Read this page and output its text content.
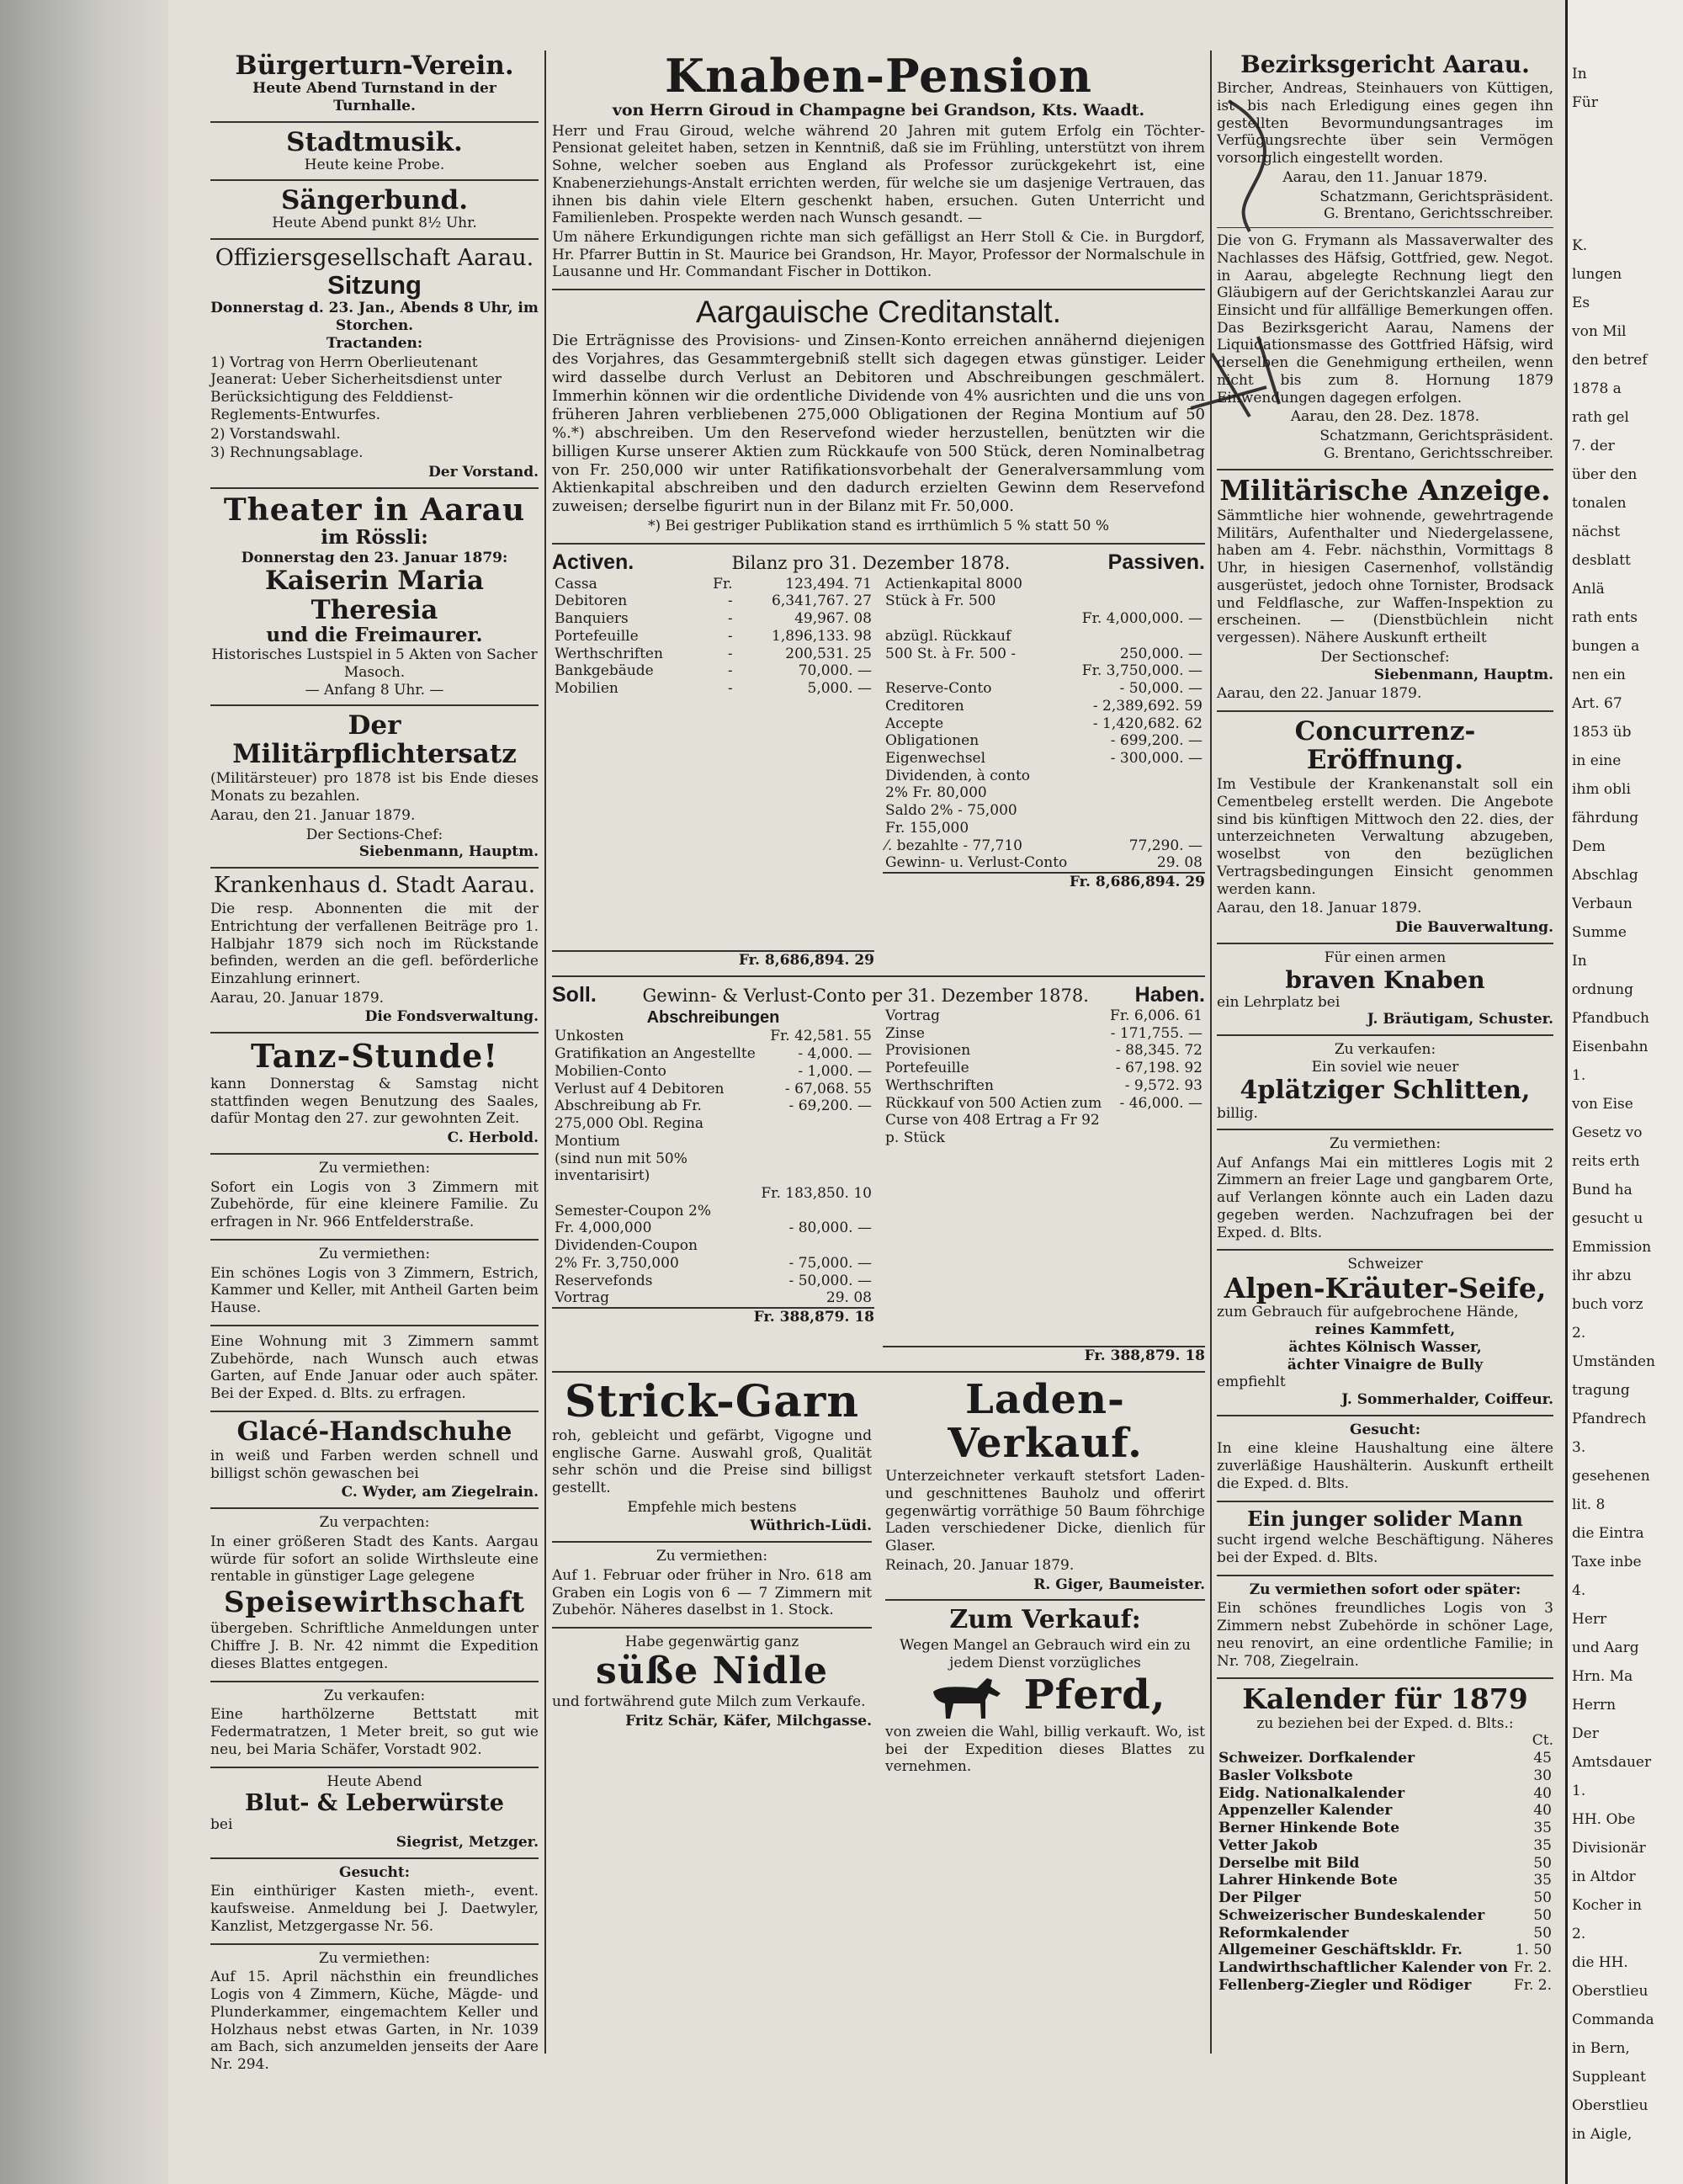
Bürgerturn-Verein.
Heute Abend Turnstand in der Turnhalle.
Stadtmusik.
Heute keine Probe.
Sängerbund.
Heute Abend punkt 8½ Uhr.
Offiziersgesellschaft Aarau.
Sitzung
Donnerstag d. 23. Jan., Abends 8 Uhr, im Storchen.
Tractanden:

1) Vortrag von Herrn Oberlieutenant Jeanerat: Ueber Sicherheitsdienst unter Berücksichtigung des Felddienst-Reglements-Entwurfes.

2) Vorstandswahl.

3) Rechnungsablage.

Der Vorstand.
Theater in Aarau
im Rössli:
Donnerstag den 23. Januar 1879:
Kaiserin Maria Theresia
und die Freimaurer.
Historisches Lustspiel in 5 Akten von Sacher Masoch.
— Anfang 8 Uhr. —
Der Militärpflichtersatz

(Militärsteuer) pro 1878 ist bis Ende dieses Monats zu bezahlen.

Aarau, den 21. Januar 1879.

Der Sections-Chef:
Siebenmann, Hauptm.
Krankenhaus d. Stadt Aarau.

Die resp. Abonnenten die mit der Entrichtung der verfallenen Beiträge pro 1. Halbjahr 1879 sich noch im Rückstande befinden, werden an die gefl. beförderliche Einzahlung erinnert.

Aarau, 20. Januar 1879.

Die Fondsverwaltung.
Tanz-Stunde!

kann Donnerstag & Samstag nicht stattfinden wegen Benutzung des Saales, dafür Montag den 27. zur gewohnten Zeit.

C. Herbold.
Zu vermiethen:

Sofort ein Logis von 3 Zimmern mit Zubehörde, für eine kleinere Familie. Zu erfragen in Nr. 966 Entfelderstraße.

Zu vermiethen:

Ein schönes Logis von 3 Zimmern, Estrich, Kammer und Keller, mit Antheil Garten beim Hause.

Eine Wohnung mit 3 Zimmern sammt Zubehörde, nach Wunsch auch etwas Garten, auf Ende Januar oder auch später. Bei der Exped. d. Blts. zu erfragen.

Glacé-Handschuhe

in weiß und Farben werden schnell und billigst schön gewaschen bei

C. Wyder, am Ziegelrain.
Zu verpachten:

In einer größeren Stadt des Kants. Aargau würde für sofort an solide Wirthsleute eine rentable in günstiger Lage gelegene

Speisewirthschaft

übergeben. Schriftliche Anmeldungen unter Chiffre J. B. Nr. 42 nimmt die Expedition dieses Blattes entgegen.

Zu verkaufen:

Eine harthölzerne Bettstatt mit Federmatratzen, 1 Meter breit, so gut wie neu, bei Maria Schäfer, Vorstadt 902.

Heute Abend
Blut- & Leberwürste
bei
Siegrist, Metzger.
Gesucht:

Ein einthüriger Kasten mieth-, event. kaufsweise. Anmeldung bei J. Daetwyler, Kanzlist, Metzgergasse Nr. 56.

Zu vermiethen:

Auf 15. April nächsthin ein freundliches Logis von 4 Zimmern, Küche, Mägde- und Plunderkammer, eingemachtem Keller und Holzhaus nebst etwas Garten, in Nr. 1039 am Bach, sich anzumelden jenseits der Aare Nr. 294.

Knaben-Pension
von Herrn Giroud in Champagne bei Grandson, Kts. Waadt.

Herr und Frau Giroud, welche während 20 Jahren mit gutem Erfolg ein Töchter-Pensionat geleitet haben, setzen in Kenntniß, daß sie im Frühling, unterstützt von ihrem Sohne, welcher soeben aus England als Professor zurückgekehrt ist, eine Knabenerziehungs-Anstalt errichten werden, für welche sie um dasjenige Vertrauen, das ihnen bis dahin viele Eltern geschenkt haben, ersuchen. Guten Unterricht und Familienleben. Prospekte werden nach Wunsch gesandt. —

Um nähere Erkundigungen richte man sich gefälligst an Herr Stoll & Cie. in Burgdorf, Hr. Pfarrer Buttin in St. Maurice bei Grandson, Hr. Mayor, Professor der Normalschule in Lausanne und Hr. Commandant Fischer in Dottikon.

Aargauische Creditanstalt.

Die Erträgnisse des Provisions- und Zinsen-Konto erreichen annähernd diejenigen des Vorjahres, das Gesammtergebniß stellt sich dagegen etwas günstiger. Leider wird dasselbe durch Verlust an Debitoren und Abschreibungen geschmälert. Immerhin können wir die ordentliche Dividende von 4% ausrichten und die uns von früheren Jahren verbliebenen 275,000 Obligationen der Regina Montium auf 50 %.*) abschreiben. Um den Reservefond wieder herzustellen, benützten wir die billigen Kurse unserer Aktien zum Rückkaufe von 500 Stück, deren Nominalbetrag von Fr. 250,000 wir unter Ratifikationsvorbehalt der Generalversammlung vom Aktienkapital abschreiben und den dadurch erzielten Gewinn dem Reservefond zuweisen; derselbe figurirt nun in der Bilanz mit Fr. 50,000.

*) Bei gestriger Publikation stand es irrthümlich 5 % statt 50 %

Activen.	Bilanz pro 31. Dezember 1878.	Passiven.
Cassa	Fr.	123,494. 71
Debitoren	-	6,341,767. 27
Banquiers	-	49,967. 08
Portefeuille	-	1,896,133. 98
Werthschriften	-	200,531. 25
Bankgebäude	-	70,000. —
Mobilien	-	5,000. —
Fr. 8,686,894. 29
Actienkapital 8000	
Stück à Fr. 500	
	Fr. 4,000,000. —
abzügl. Rückkauf	
500 St. à Fr. 500 -	250,000. —
	Fr. 3,750,000. —
Reserve-Conto	- 50,000. —
Creditoren	- 2,389,692. 59
Accepte	- 1,420,682. 62
Obligationen	- 699,200. —
Eigenwechsel	- 300,000. —
Dividenden, à conto	
2% Fr. 80,000	
Saldo 2% - 75,000	
Fr. 155,000	
⁄. bezahlte - 77,710	77,290. —
Gewinn- u. Verlust-Conto	29. 08
Fr. 8,686,894. 29
Soll.	Gewinn- & Verlust-Conto per 31. Dezember 1878. Haben.
Abschreibungen
Unkosten	Fr. 42,581. 55
Gratifikation an Angestellte	- 4,000. —
Mobilien-Conto	- 1,000. —
Verlust auf 4 Debitoren	- 67,068. 55
Abschreibung ab Fr. 275,000 Obl. Regina Montium	- 69,200. —
(sind nun mit 50% inventarisirt)	
	Fr. 183,850. 10
Semester-Coupon 2%	
Fr. 4,000,000	- 80,000. —
Dividenden-Coupon	
2% Fr. 3,750,000	- 75,000. —
Reservefonds	- 50,000. —
Vortrag	29. 08
Fr. 388,879. 18
Vortrag	Fr. 6,006. 61
Zinse	- 171,755. —
Provisionen	- 88,345. 72
Portefeuille	- 67,198. 92
Werthschriften	- 9,572. 93
Rückkauf von 500 Actien zum Curse von 408 Ertrag a Fr 92 p. Stück	- 46,000. —
Fr. 388,879. 18
Strick-Garn

roh, gebleicht und gefärbt, Vigogne und englische Garne. Auswahl groß, Qualität sehr schön und die Preise sind billigst gestellt.

Empfehle mich bestens

Wüthrich-Lüdi.
Zu vermiethen:

Auf 1. Februar oder früher in Nro. 618 am Graben ein Logis von 6 — 7 Zimmern mit Zubehör. Näheres daselbst in 1. Stock.

Habe gegenwärtig ganz
süße Nidle

und fortwährend gute Milch zum Verkaufe.

Fritz Schär, Käfer, Milchgasse.
Laden-Verkauf.

Unterzeichneter verkauft stetsfort Laden- und geschnittenes Bauholz und offerirt gegenwärtig vorräthige 50 Baum föhrchige Laden verschiedener Dicke, dienlich für Glaser.

Reinach, 20. Januar 1879.

R. Giger, Baumeister.
Zum Verkauf:

Wegen Mangel an Gebrauch wird ein zu jedem Dienst vorzügliches

Pferd,

von zweien die Wahl, billig verkauft. Wo, ist bei der Expedition dieses Blattes zu vernehmen.

Bezirksgericht Aarau.

Bircher, Andreas, Steinhauers von Küttigen, ist bis nach Erledigung eines gegen ihn gestellten Bevormundungsantrages im Verfügungsrechte über sein Vermögen vorsorglich eingestellt worden.

Aarau, den 11. Januar 1879.

Schatzmann, Gerichtspräsident.
G. Brentano, Gerichtsschreiber.

Die von G. Frymann als Massaverwalter des Nachlasses des Häfsig, Gottfried, gew. Negot. in Aarau, abgelegte Rechnung liegt den Gläubigern auf der Gerichtskanzlei Aarau zur Einsicht und für allfällige Bemerkungen offen. Das Bezirksgericht Aarau, Namens der Liquidationsmasse des Gottfried Häfsig, wird derselben die Genehmigung ertheilen, wenn nicht bis zum 8. Hornung 1879 Einwendungen dagegen erfolgen.

Aarau, den 28. Dez. 1878.

Schatzmann, Gerichtspräsident.
G. Brentano, Gerichtsschreiber.
Militärische Anzeige.

Sämmtliche hier wohnende, gewehrtragende Militärs, Aufenthalter und Niedergelassene, haben am 4. Febr. nächsthin, Vormittags 8 Uhr, in hiesigen Casernenhof, vollständig ausgerüstet, jedoch ohne Tornister, Brodsack und Feldflasche, zur Waffen-Inspektion zu erscheinen. — (Dienstbüchlein nicht vergessen). Nähere Auskunft ertheilt

Der Sectionschef:
Siebenmann, Hauptm.

Aarau, den 22. Januar 1879.

Concurrenz-Eröffnung.

Im Vestibule der Krankenanstalt soll ein Cementbeleg erstellt werden. Die Angebote sind bis künftigen Mittwoch den 22. dies, der unterzeichneten Verwaltung abzugeben, woselbst von den bezüglichen Vertragsbedingungen Einsicht genommen werden kann.

Aarau, den 18. Januar 1879.

Die Bauverwaltung.
Für einen armen
braven Knaben
ein Lehrplatz bei
J. Bräutigam, Schuster.
Zu verkaufen:
Ein soviel wie neuer
4plätziger Schlitten,
billig.
Zu vermiethen:

Auf Anfangs Mai ein mittleres Logis mit 2 Zimmern an freier Lage und gangbarem Orte, auf Verlangen könnte auch ein Laden dazu gegeben werden. Nachzufragen bei der Exped. d. Blts.

Schweizer
Alpen-Kräuter-Seife,
zum Gebrauch für aufgebrochene Hände,
reines Kammfett,
ächtes Kölnisch Wasser,
ächter Vinaigre de Bully
empfiehlt
J. Sommerhalder, Coiffeur.
Gesucht:

In eine kleine Haushaltung eine ältere zuverläßige Haushälterin. Auskunft ertheilt die Exped. d. Blts.

Ein junger solider Mann

sucht irgend welche Beschäftigung. Näheres bei der Exped. d. Blts.

Zu vermiethen sofort oder später:

Ein schönes freundliches Logis von 3 Zimmern nebst Zubehörde in schöner Lage, neu renovirt, an eine ordentliche Familie; in Nr. 708, Ziegelrain.

Kalender für 1879
zu beziehen bei der Exped. d. Blts.:
Ct.
Schweizer. Dorfkalender	45
Basler Volksbote	30
Eidg. Nationalkalender	40
Appenzeller Kalender	40
Berner Hinkende Bote	35
Vetter Jakob	35
Derselbe mit Bild	50
Lahrer Hinkende Bote	35
Der Pilger	50
Schweizerischer Bundeskalender	50
Reformkalender	50
Allgemeiner Geschäftskldr. Fr.	1. 50
Landwirthschaftlicher Kalender von	Fr. 2.
Fellenberg-Ziegler und Rödiger	Fr. 2.
In
Für
K.
lungen
Es
von Mil
den betref
1878 a
rath gel
7. der
über den
tonalen
nächst
desblatt
Anlä
rath ents
bungen a
nen ein
Art. 67
1853 üb
in eine
ihm obli
fährdung
Dem
Abschlag
Verbaun
Summe
In
ordnung
Pfandbuch
Eisenbahn
1.
von Eise
Gesetz vo
reits erth
Bund ha
gesucht u
Emmission
ihr abzu
buch vorz
2.
Umständen
tragung
Pfandrech
3.
gesehenen
lit. 8
die Eintra
Taxe inbe
4.
Herr
und Aarg
Hrn. Ma
Herrn
Der
Amtsdauer
1.
HH. Obe
Divisionär
in Altdor
Kocher in
2.
die HH.
Oberstlieu
Commanda
in Bern,
Suppleant
Oberstlieu
in Aigle,
